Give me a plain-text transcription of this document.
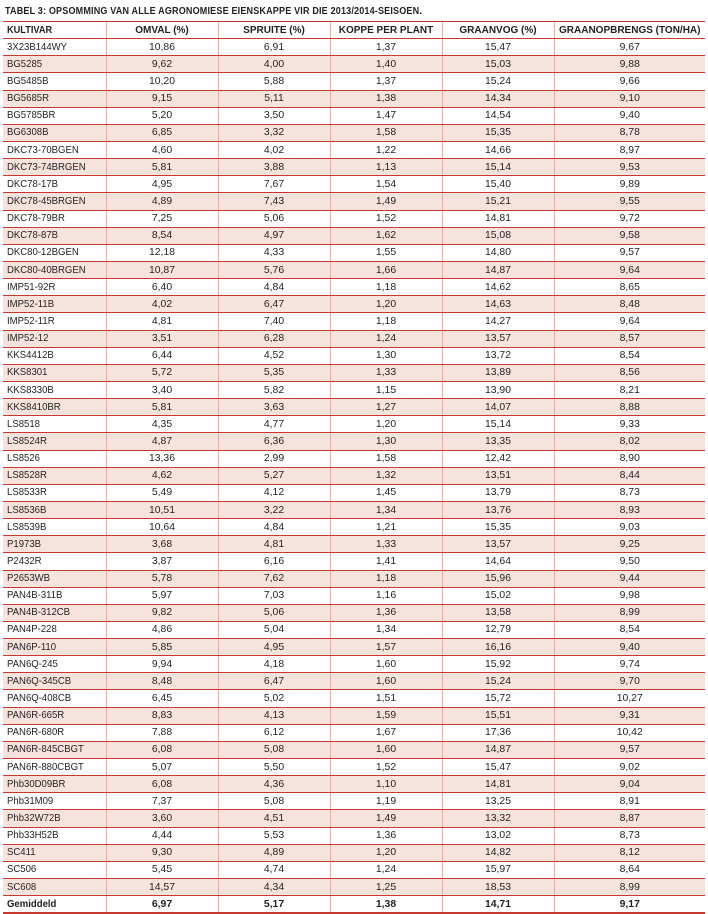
TABEL 3: OPSOMMING VAN ALLE AGRONOMIESE EIENSKAPPE VIR DIE 2013/2014-SEISOEN.
KULTIVAR	OMVAL (%)	SPRUITE (%)	KOPPE PER PLANT	GRAANVOG (%)	GRAANOPBRENGS (TON/HA)
3X23B144WY	10,86	6,91	1,37	15,47	9,67
BG5285	9,62	4,00	1,40	15,03	9,88
BG5485B	10,20	5,88	1,37	15,24	9,66
BG5685R	9,15	5,11	1,38	14,34	9,10
BG5785BR	5,20	3,50	1,47	14,54	9,40
BG6308B	6,85	3,32	1,58	15,35	8,78
DKC73-70BGEN	4,60	4,02	1,22	14,66	8,97
DKC73-74BRGEN	5,81	3,88	1,13	15,14	9,53
DKC78-17B	4,95	7,67	1,54	15,40	9,89
DKC78-45BRGEN	4,89	7,43	1,49	15,21	9,55
DKC78-79BR	7,25	5,06	1,52	14,81	9,72
DKC78-87B	8,54	4,97	1,62	15,08	9,58
DKC80-12BGEN	12,18	4,33	1,55	14,80	9,57
DKC80-40BRGEN	10,87	5,76	1,66	14,87	9,64
IMP51-92R	6,40	4,84	1,18	14,62	8,65
IMP52-11B	4,02	6,47	1,20	14,63	8,48
IMP52-11R	4,81	7,40	1,18	14,27	9,64
IMP52-12	3,51	6,28	1,24	13,57	8,57
KKS4412B	6,44	4,52	1,30	13,72	8,54
KKS8301	5,72	5,35	1,33	13,89	8,56
KKS8330B	3,40	5,82	1,15	13,90	8,21
KKS8410BR	5,81	3,63	1,27	14,07	8,88
LS8518	4,35	4,77	1,20	15,14	9,33
LS8524R	4,87	6,36	1,30	13,35	8,02
LS8526	13,36	2,99	1,58	12,42	8,90
LS8528R	4,62	5,27	1,32	13,51	8,44
LS8533R	5,49	4,12	1,45	13,79	8,73
LS8536B	10,51	3,22	1,34	13,76	8,93
LS8539B	10,64	4,84	1,21	15,35	9,03
P1973B	3,68	4,81	1,33	13,57	9,25
P2432R	3,87	6,16	1,41	14,64	9,50
P2653WB	5,78	7,62	1,18	15,96	9,44
PAN4B-311B	5,97	7,03	1,16	15,02	9,98
PAN4B-312CB	9,82	5,06	1,36	13,58	8,99
PAN4P-228	4,86	5,04	1,34	12,79	8,54
PAN6P-110	5,85	4,95	1,57	16,16	9,40
PAN6Q-245	9,94	4,18	1,60	15,92	9,74
PAN6Q-345CB	8,48	6,47	1,60	15,24	9,70
PAN6Q-408CB	6,45	5,02	1,51	15,72	10,27
PAN6R-665R	8,83	4,13	1,59	15,51	9,31
PAN6R-680R	7,88	6,12	1,67	17,36	10,42
PAN6R-845CBGT	6,08	5,08	1,60	14,87	9,57
PAN6R-880CBGT	5,07	5,50	1,52	15,47	9,02
Phb30D09BR	6,08	4,36	1,10	14,81	9,04
Phb31M09	7,37	5,08	1,19	13,25	8,91
Phb32W72B	3,60	4,51	1,49	13,32	8,87
Phb33H52B	4,44	5,53	1,36	13,02	8,73
SC411	9,30	4,89	1,20	14,82	8,12
SC506	5,45	4,74	1,24	15,97	8,64
SC608	14,57	4,34	1,25	18,53	8,99
Gemiddeld	6,97	5,17	1,38	14,71	9,17
